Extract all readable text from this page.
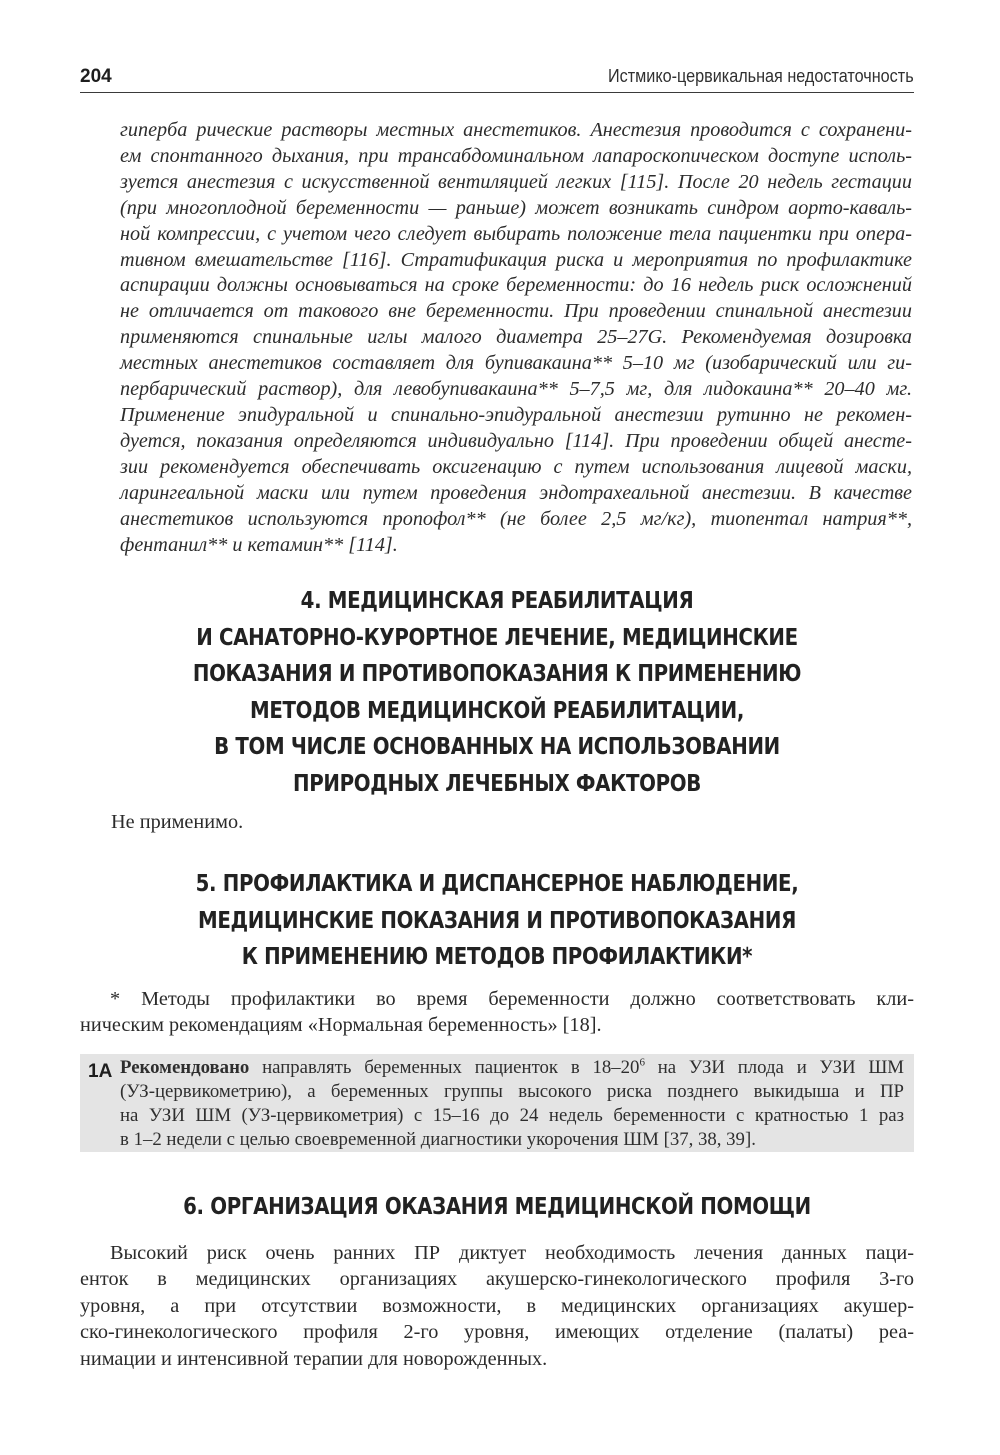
204	Истмико-цервикальная недостаточность

гиперба рические растворы местных анестетиков. Анестезия проводится с сохранени-
ем спонтанного дыхания, при трансабдоминальном лапароскопическом доступе исполь-
зуется анестезия с искусственной вентиляцией легких [115]. После 20 недель гестации
(при многоплодной беременности — раньше) может возникать синдром аорто-каваль-
ной компрессии, с учетом чего следует выбирать положение тела пациентки при опера-
тивном вмешательстве [116]. Стратификация риска и мероприятия по профилактике
аспирации должны основываться на сроке беременности: до 16 недель риск осложнений
не отличается от такового вне беременности. При проведении спинальной анестезии
применяются спинальные иглы малого диаметра 25–27G. Рекомендуемая дозировка
местных анестетиков составляет для бупивакаина** 5–10 мг (изобарический или ги-
пербарический раствор), для левобупивакаина** 5–7,5 мг, для лидокаина** 20–40 мг.
Применение эпидуральной и спинально-эпидуральной анестезии рутинно не рекомен-
дуется, показания определяются индивидуально [114]. При проведении общей анесте-
зии рекомендуется обеспечивать оксигенацию с путем использования лицевой маски,
ларингеальной маски или путем проведения эндотрахеальной анестезии. В качестве
анестетиков используются пропофол** (не более 2,5 мг/кг), тиопентал натрия**,
фентанил** и кетамин** [114].

4. МЕДИЦИНСКАЯ РЕАБИЛИТАЦИЯ
И САНАТОРНО-КУРОРТНОЕ ЛЕЧЕНИЕ, МЕДИЦИНСКИЕ
ПОКАЗАНИЯ И ПРОТИВОПОКАЗАНИЯ К ПРИМЕНЕНИЮ
МЕТОДОВ МЕДИЦИНСКОЙ РЕАБИЛИТАЦИИ,
В ТОМ ЧИСЛЕ ОСНОВАННЫХ НА ИСПОЛЬЗОВАНИИ
ПРИРОДНЫХ ЛЕЧЕБНЫХ ФАКТОРОВ

Не применимо.

5. ПРОФИЛАКТИКА И ДИСПАНСЕРНОЕ НАБЛЮДЕНИЕ,
МЕДИЦИНСКИЕ ПОКАЗАНИЯ И ПРОТИВОПОКАЗАНИЯ
К ПРИМЕНЕНИЮ МЕТОДОВ ПРОФИЛАКТИКИ*

* Методы профилактики во время беременности должно соответствовать кли-
ническим рекомендациям «Нормальная беременность» [18].

1А Рекомендовано направлять беременных пациенток в $18-20^6$ на УЗИ плода и УЗИ ШМ
(УЗ-цервикометрию), а беременных группы высокого риска позднего выкидыша и ПР
на УЗИ ШМ (УЗ-цервикометрия) с 15–16 до 24 недель беременности с кратностью 1 раз
в 1–2 недели с целью своевременной диагностики укорочения ШМ [37, 38, 39].

6. ОРГАНИЗАЦИЯ ОКАЗАНИЯ МЕДИЦИНСКОЙ ПОМОЩИ

Высокий риск очень ранних ПР диктует необходимость лечения данных паци-
енток в медицинских организациях акушерско-гинекологического профиля 3-го
уровня, а при отсутствии возможности, в медицинских организациях акушер-
ско-гинекологического профиля 2-го уровня, имеющих отделение (палаты) реа-
нимации и интенсивной терапии для новорожденных.
